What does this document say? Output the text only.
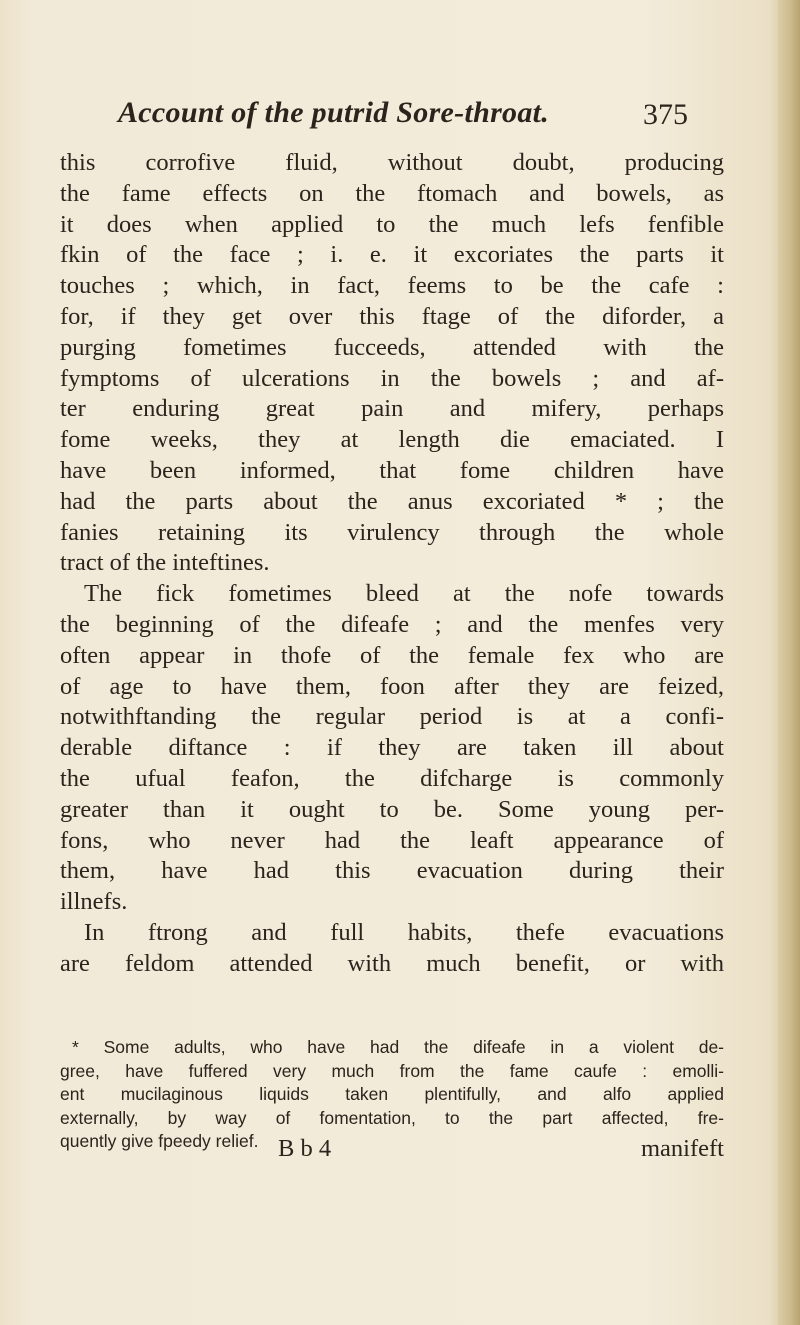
Account of the putrid Sore-throat.	375
this corrofive fluid, without doubt, producing
the fame effects on the ftomach and bowels, as
it does when applied to the much lefs fenfible
fkin of the face ; i. e. it excoriates the parts it
touches ; which, in fact, feems to be the cafe :
for, if they get over this ftage of the diforder, a
purging fometimes fucceeds, attended with the
fymptoms of ulcerations in the bowels ; and af-
ter enduring great pain and mifery, perhaps
fome weeks, they at length die emaciated. I
have been informed, that fome children have
had the parts about the anus excoriated * ; the
fanies retaining its virulency through the whole
tract of the inteftines.
The fick fometimes bleed at the nofe towards
the beginning of the difeafe ; and the menfes very
often appear in thofe of the female fex who are
of age to have them, foon after they are feized,
notwithftanding the regular period is at a confi-
derable diftance : if they are taken ill about
the ufual feafon, the difcharge is commonly
greater than it ought to be. Some young per-
fons, who never had the leaft appearance of
them, have had this evacuation during their
illnefs.
In ftrong and full habits, thefe evacuations
are feldom attended with much benefit, or with
* Some adults, who have had the difeafe in a violent de-
gree, have fuffered very much from the fame caufe : emolli-
ent mucilaginous liquids taken plentifully, and alfo applied
externally, by way of fomentation, to the part affected, fre-
quently give fpeedy relief. B b 4	manifeft
